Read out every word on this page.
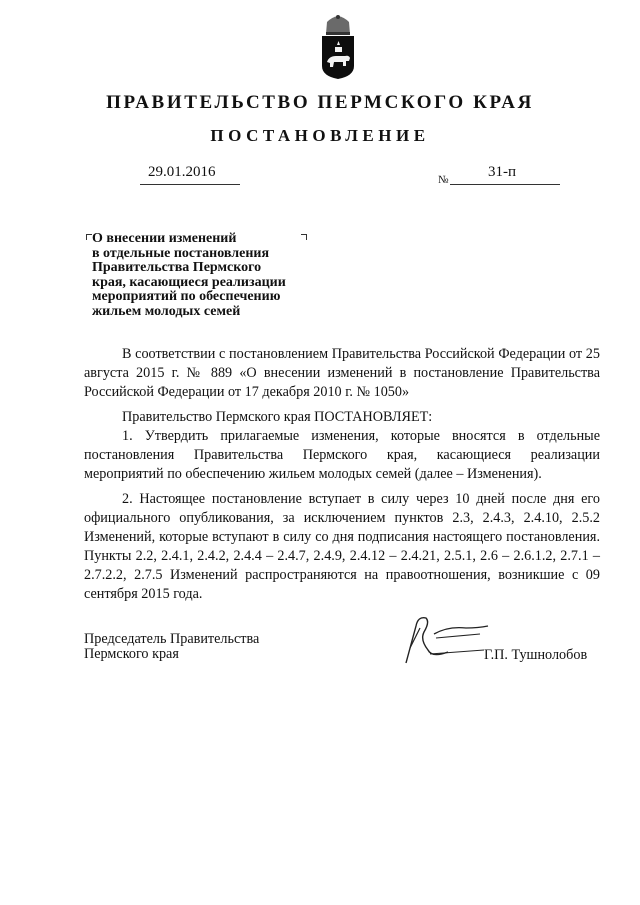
ПРАВИТЕЛЬСТВО ПЕРМСКОГО КРАЯ
ПОСТАНОВЛЕНИЕ
29.01.2016	№	31-п
О внесении изменений
в отдельные постановления
Правительства Пермского
края, касающиеся реализации
мероприятий по обеспечению
жильем молодых семей

В соответствии с постановлением Правительства Российской Федерации от 25 августа 2015 г. № 889 «О внесении изменений в постановление Правительства Российской Федерации от 17 декабря 2010 г. № 1050»

Правительство Пермского края ПОСТАНОВЛЯЕТ:

1. Утвердить прилагаемые изменения, которые вносятся в отдельные постановления Правительства Пермского края, касающиеся реализации мероприятий по обеспечению жильем молодых семей (далее – Изменения).

2. Настоящее постановление вступает в силу через 10 дней после дня его официального опубликования, за исключением пунктов 2.3, 2.4.3, 2.4.10, 2.5.2 Изменений, которые вступают в силу со дня подписания настоящего постановления. Пункты 2.2, 2.4.1, 2.4.2, 2.4.4 – 2.4.7, 2.4.9, 2.4.12 – 2.4.21, 2.5.1, 2.6 – 2.6.1.2, 2.7.1 – 2.7.2.2, 2.7.5 Изменений распространяются на правоотношения, возникшие с 09 сентября 2015 года.

Председатель Правительства
Пермского края	Г.П. Тушнолобов
